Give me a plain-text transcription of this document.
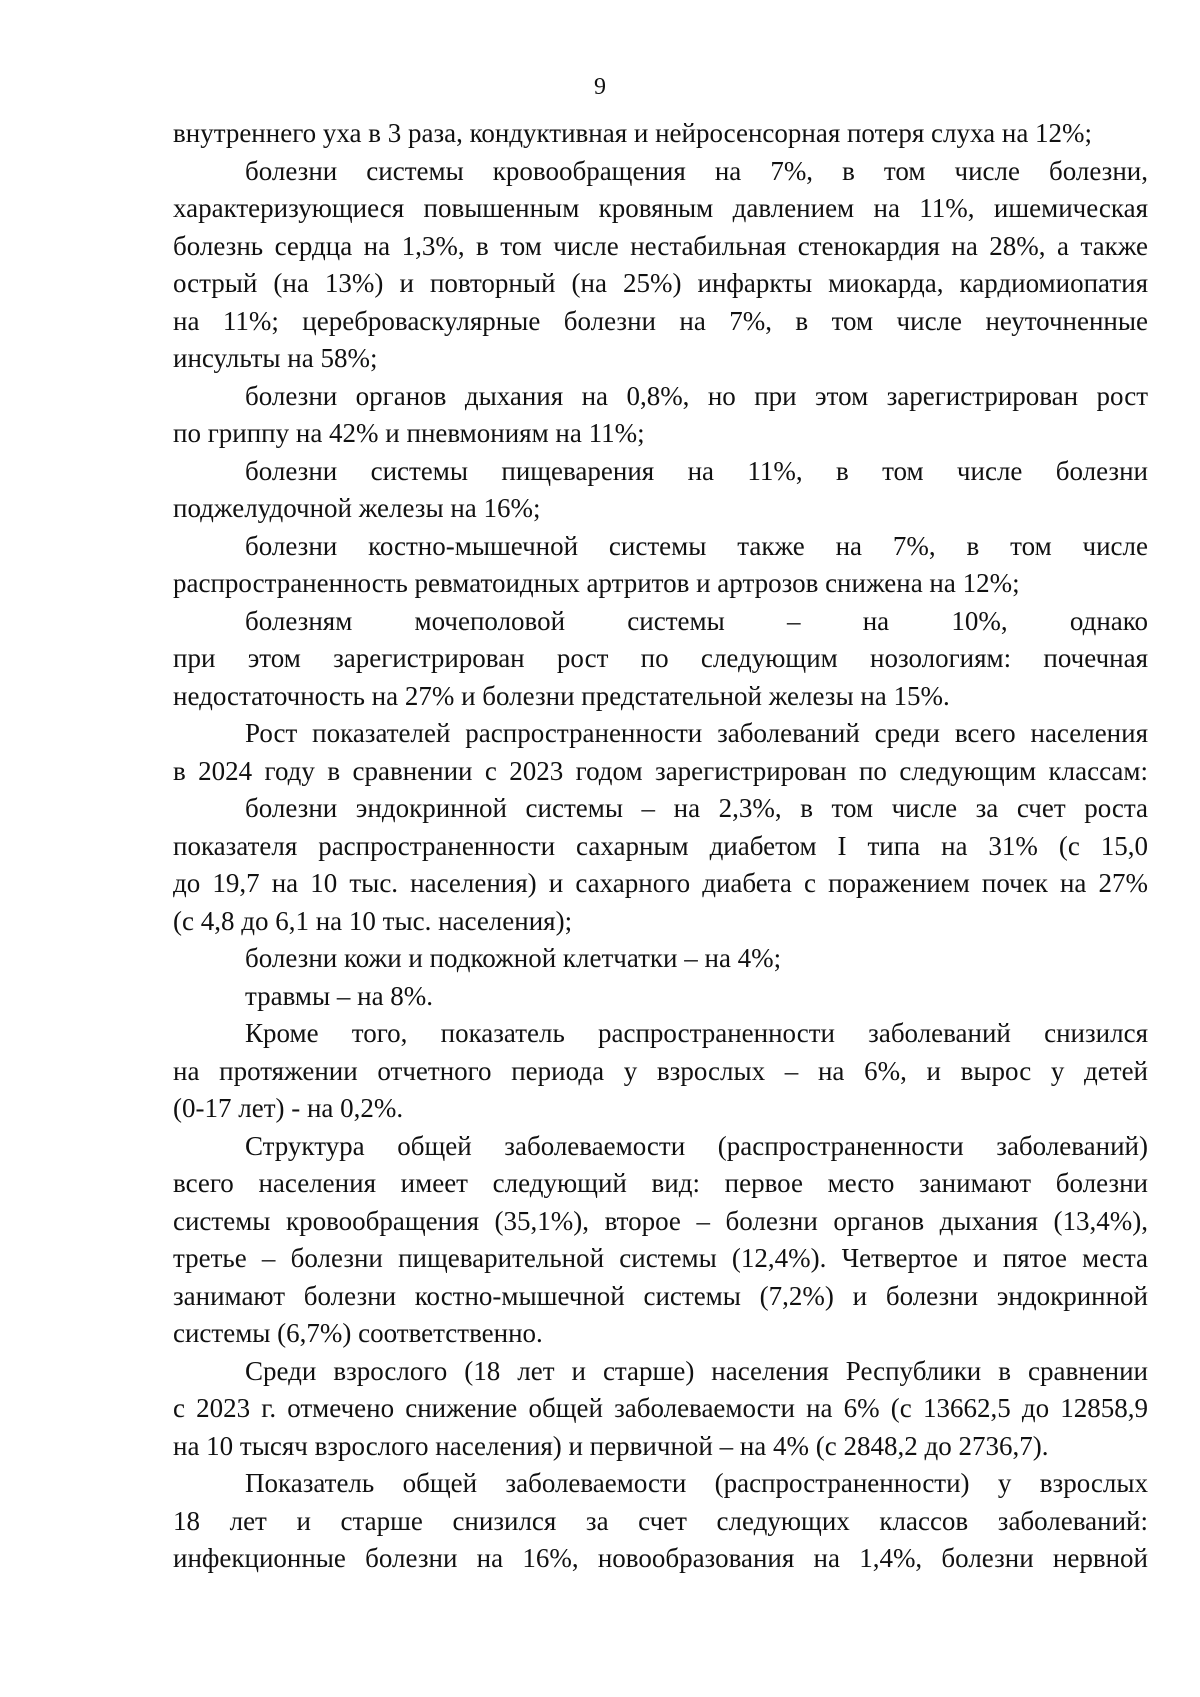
9
внутреннего уха в 3 раза, кондуктивная и нейросенсорная потеря слуха на 12%;
болезни системы кровообращения на 7%, в том числе болезни,
характеризующиеся повышенным кровяным давлением на 11%, ишемическая
болезнь сердца на 1,3%, в том числе нестабильная стенокардия на 28%, а также
острый (на 13%) и повторный (на 25%) инфаркты миокарда, кардиомиопатия
на 11%; цереброваскулярные болезни на 7%, в том числе неуточненные
инсульты на 58%;
болезни органов дыхания на 0,8%, но при этом зарегистрирован рост
по гриппу на 42% и пневмониям на 11%;
болезни системы пищеварения на 11%, в том числе болезни
поджелудочной железы на 16%;
болезни костно-мышечной системы также на 7%, в том числе
распространенность ревматоидных артритов и артрозов снижена на 12%;
болезням мочеполовой системы – на 10%, однако
при этом зарегистрирован рост по следующим нозологиям: почечная
недостаточность на 27% и болезни предстательной железы на 15%.
Рост показателей распространенности заболеваний среди всего населения
в 2024 году в сравнении с 2023 годом зарегистрирован по следующим классам:
болезни эндокринной системы – на 2,3%, в том числе за счет роста
показателя распространенности сахарным диабетом I типа на 31% (с 15,0
до 19,7 на 10 тыс. населения) и сахарного диабета с поражением почек на 27%
(с 4,8 до 6,1 на 10 тыс. населения);
болезни кожи и подкожной клетчатки – на 4%;
травмы – на 8%.
Кроме того, показатель распространенности заболеваний снизился
на протяжении отчетного периода у взрослых – на 6%, и вырос у детей
(0-17 лет) - на 0,2%.
Структура общей заболеваемости (распространенности заболеваний)
всего населения имеет следующий вид: первое место занимают болезни
системы кровообращения (35,1%), второе – болезни органов дыхания (13,4%),
третье – болезни пищеварительной системы (12,4%). Четвертое и пятое места
занимают болезни костно-мышечной системы (7,2%) и болезни эндокринной
системы (6,7%) соответственно.
Среди взрослого (18 лет и старше) населения Республики в сравнении
с 2023 г. отмечено снижение общей заболеваемости на 6% (с 13662,5 до 12858,9
на 10 тысяч взрослого населения) и первичной – на 4% (с 2848,2 до 2736,7).
Показатель общей заболеваемости (распространенности) у взрослых
18 лет и старше снизился за счет следующих классов заболеваний:
инфекционные болезни на 16%, новообразования на 1,4%, болезни нервной
